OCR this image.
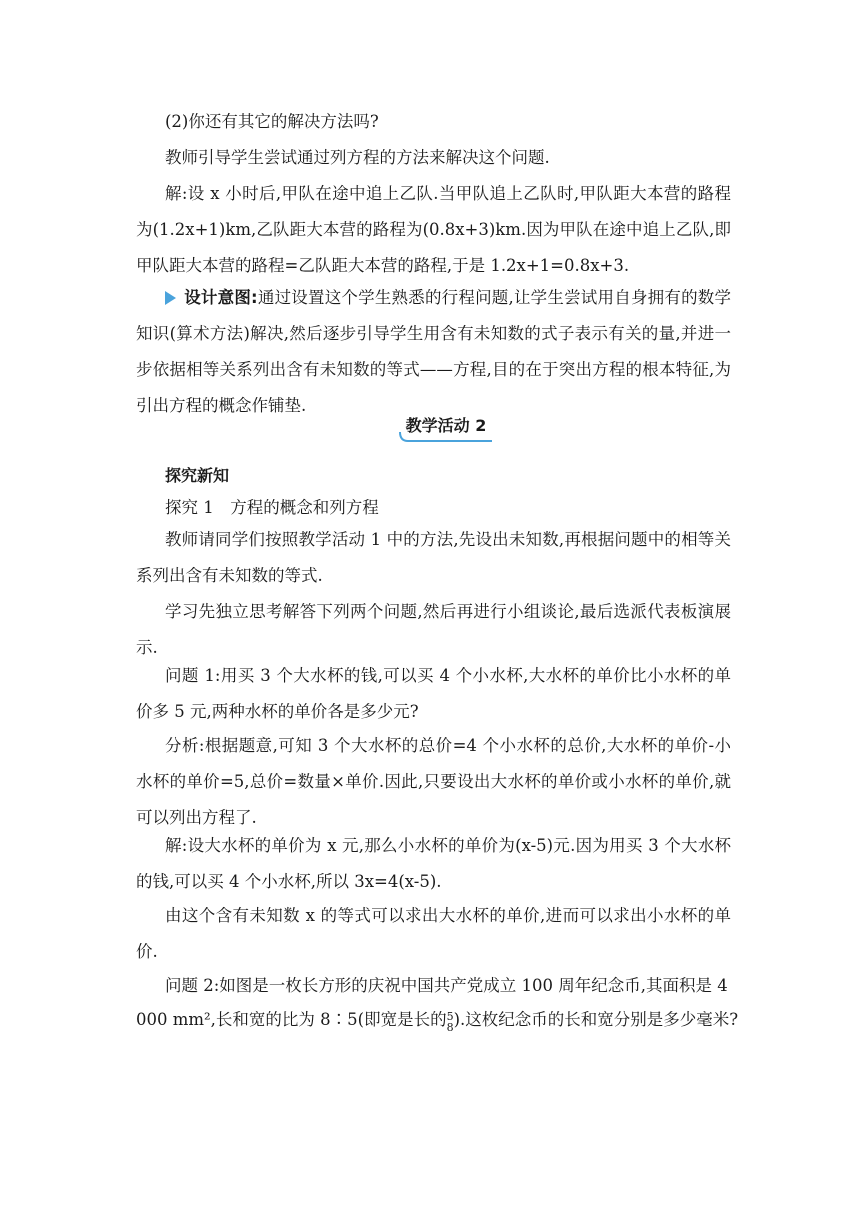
(2)你还有其它的解决方法吗?
教师引导学生尝试通过列方程的方法来解决这个问题.
解:设 x 小时后,甲队在途中追上乙队.当甲队追上乙队时,甲队距大本营的路程为(1.2x+1)km,乙队距大本营的路程为(0.8x+3)km.因为甲队在途中追上乙队,即甲队距大本营的路程=乙队距大本营的路程,于是 1.2x+1=0.8x+3.
设计意图:通过设置这个学生熟悉的行程问题,让学生尝试用自身拥有的数学知识(算术方法)解决,然后逐步引导学生用含有未知数的式子表示有关的量,并进一步依据相等关系列出含有未知数的等式——方程,目的在于突出方程的根本特征,为引出方程的概念作铺垫.
教学活动 2
探究新知
探究 1　方程的概念和列方程
教师请同学们按照教学活动 1 中的方法,先设出未知数,再根据问题中的相等关系列出含有未知数的等式.
学习先独立思考解答下列两个问题,然后再进行小组谈论,最后选派代表板演展示.
问题 1:用买 3 个大水杯的钱,可以买 4 个小水杯,大水杯的单价比小水杯的单价多 5 元,两种水杯的单价各是多少元?
分析:根据题意,可知 3 个大水杯的总价=4 个小水杯的总价,大水杯的单价-小水杯的单价=5,总价=数量×单价.因此,只要设出大水杯的单价或小水杯的单价,就可以列出方程了.
解:设大水杯的单价为 x 元,那么小水杯的单价为(x-5)元.因为用买 3 个大水杯的钱,可以买 4 个小水杯,所以 3x=4(x-5).
由这个含有未知数 x 的等式可以求出大水杯的单价,进而可以求出小水杯的单价.
问题 2:如图是一枚长方形的庆祝中国共产党成立 100 周年纪念币,其面积是 4
000 mm²,长和宽的比为 8∶5(即宽是长的 5
8 ).这枚纪念币的长和宽分别是多少毫米?
